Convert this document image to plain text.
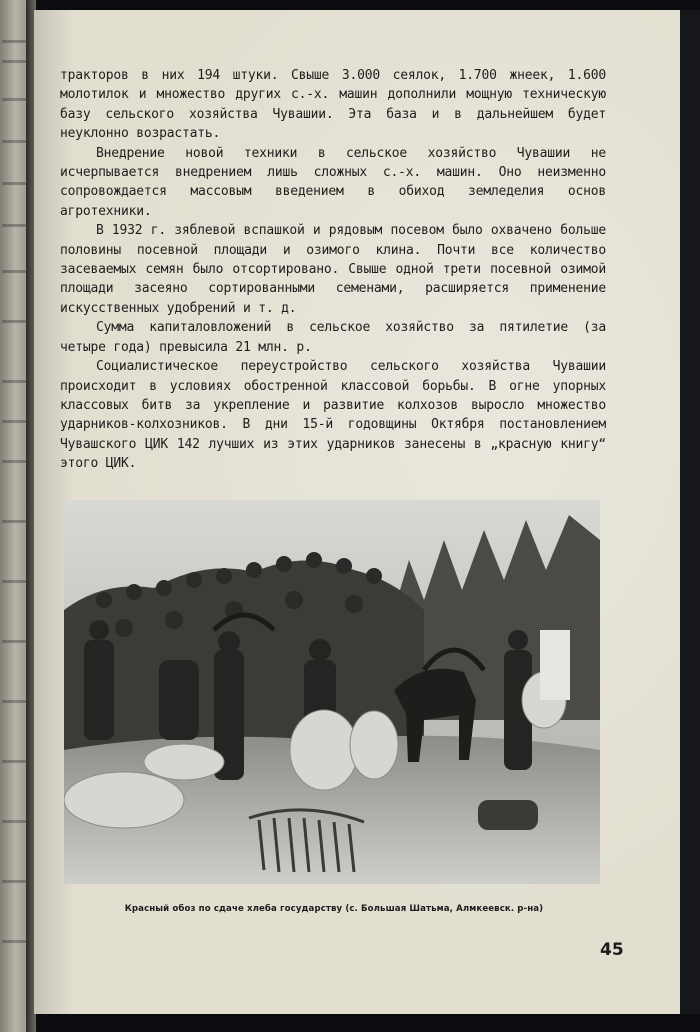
тракторов в них 194 штуки. Свыше 3.000 сеялок, 1.700 жнеек, 1.600 молотилок и множество других с.-х. машин дополнили мощную техническую базу сельского хозяйства Чувашии. Эта база и в дальнейшем будет неуклонно возрастать.

Внедрение новой техники в сельское хозяйство Чувашии не исчерпывается внедрением лишь сложных с.-х. машин. Оно неизменно сопровождается массовым введением в обиход земледелия основ агротехники.

В 1932 г. зяблевой вспашкой и рядовым посевом было охвачено больше половины посевной площади и озимого клина. Почти все количество засеваемых семян было отсортировано. Свыше одной трети посевной озимой площади засеяно сортированными семенами, расширяется применение искусственных удобрений и т. д.

Сумма капиталовложений в сельское хозяйство за пятилетие (за четыре года) превысила 21 млн. р.

Социалистическое переустройство сельского хозяйства Чувашии происходит в условиях обостренной классовой борьбы. В огне упорных классовых битв за укрепление и развитие колхозов выросло множество ударников-колхозников. В дни 15-й годовщины Октября постановлением Чувашского ЦИК 142 лучших из этих ударников занесены в „красную книгу“ этого ЦИК.

Красный обоз по сдаче хлеба государству (с. Большая Шатьма, Алмкеевск. р-на)
45
